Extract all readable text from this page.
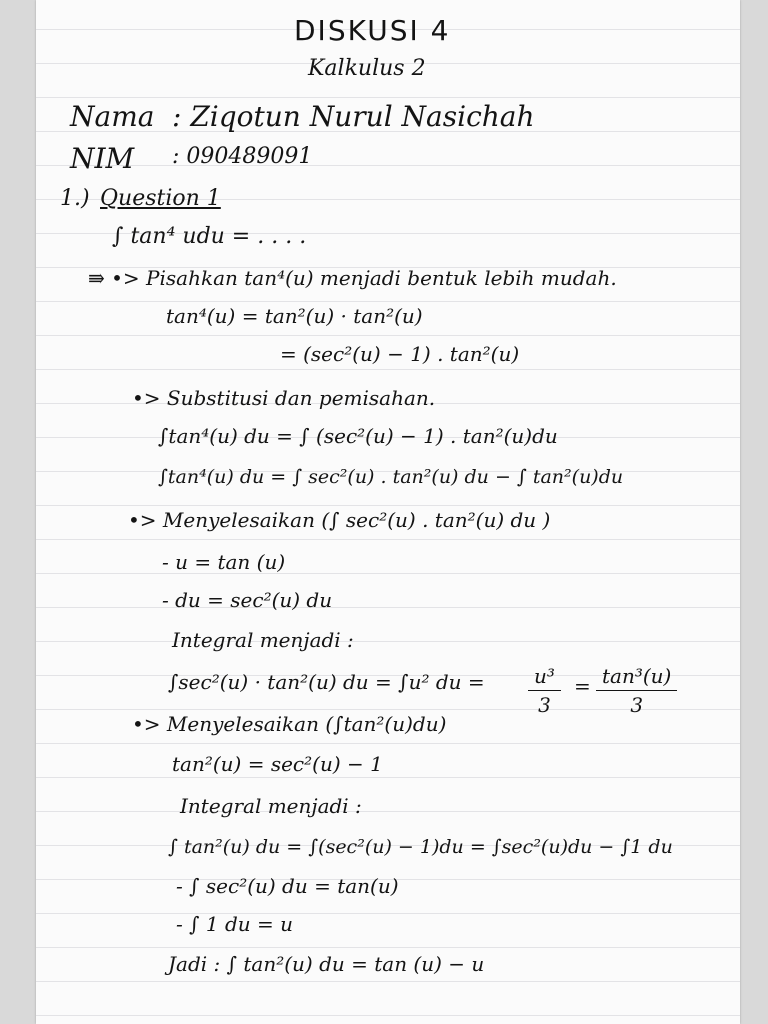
DISKUSI 4
Kalkulus 2
Nama : Ziqotun Nurul Nasichah
NIM : 090489091
1.) Question 1
∫ tan⁴ udu = . . . .
⇛ •> Pisahkan tan⁴(u) menjadi bentuk lebih mudah.
tan⁴(u) = tan²(u) · tan²(u)
= (sec²(u) − 1) . tan²(u)
•> Substitusi dan pemisahan.
∫tan⁴(u) du = ∫ (sec²(u) − 1) . tan²(u)du
∫tan⁴(u) du = ∫ sec²(u) . tan²(u) du − ∫ tan²(u)du
•> Menyelesaikan (∫ sec²(u) . tan²(u) du )
- u = tan (u)
- du = sec²(u) du
Integral menjadi :
∫sec²(u) · tan²(u) du = ∫u² du = $\frac{\text{u³}}{3} = \frac{\text{tan³(u)}}{3}$
•> Menyelesaikan (∫tan²(u)du)
tan²(u) = sec²(u) − 1
Integral menjadi :
∫ tan²(u) du = ∫(sec²(u) − 1)du = ∫sec²(u)du − ∫1 du
- ∫ sec²(u) du = tan(u)
- ∫ 1 du = u
Jadi : ∫ tan²(u) du = tan (u) − u
